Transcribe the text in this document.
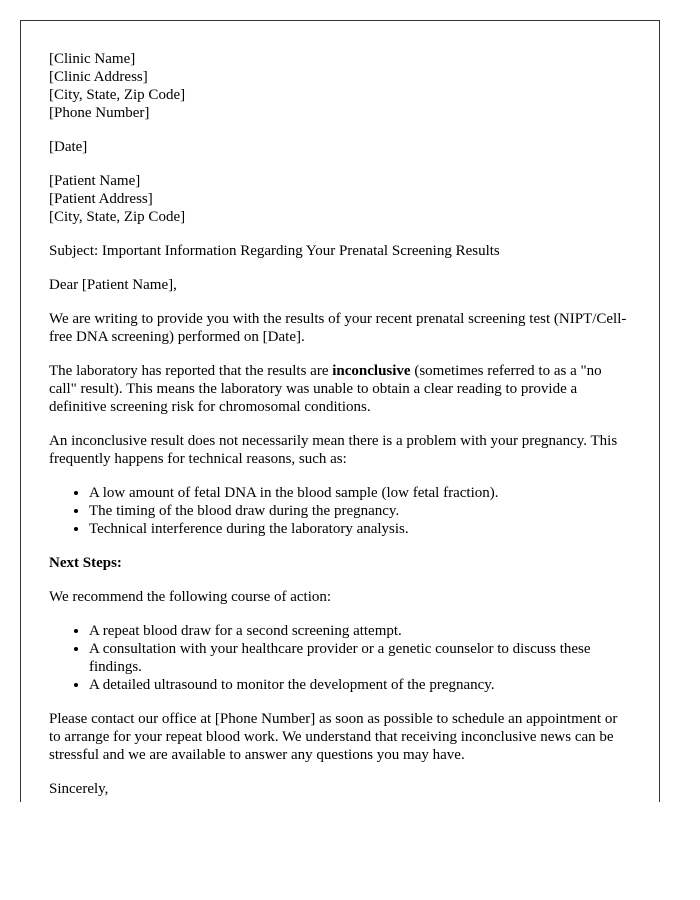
[Clinic Name]
[Clinic Address]
[City, State, Zip Code]
[Phone Number]

[Date]

[Patient Name]
[Patient Address]
[City, State, Zip Code]

Subject: Important Information Regarding Your Prenatal Screening Results

Dear [Patient Name],

We are writing to provide you with the results of your recent prenatal screening test (NIPT/Cell-free DNA screening) performed on [Date].

The laboratory has reported that the results are inconclusive (sometimes referred to as a "no call" result). This means the laboratory was unable to obtain a clear reading to provide a definitive screening risk for chromosomal conditions.

An inconclusive result does not necessarily mean there is a problem with your pregnancy. This frequently happens for technical reasons, such as:

• A low amount of fetal DNA in the blood sample (low fetal fraction).
• The timing of the blood draw during the pregnancy.
• Technical interference during the laboratory analysis.

Next Steps:

We recommend the following course of action:

• A repeat blood draw for a second screening attempt.
• A consultation with your healthcare provider or a genetic counselor to discuss these findings.
• A detailed ultrasound to monitor the development of the pregnancy.

Please contact our office at [Phone Number] as soon as possible to schedule an appointment or to arrange for your repeat blood work. We understand that receiving inconclusive news can be stressful and we are available to answer any questions you may have.

Sincerely,
